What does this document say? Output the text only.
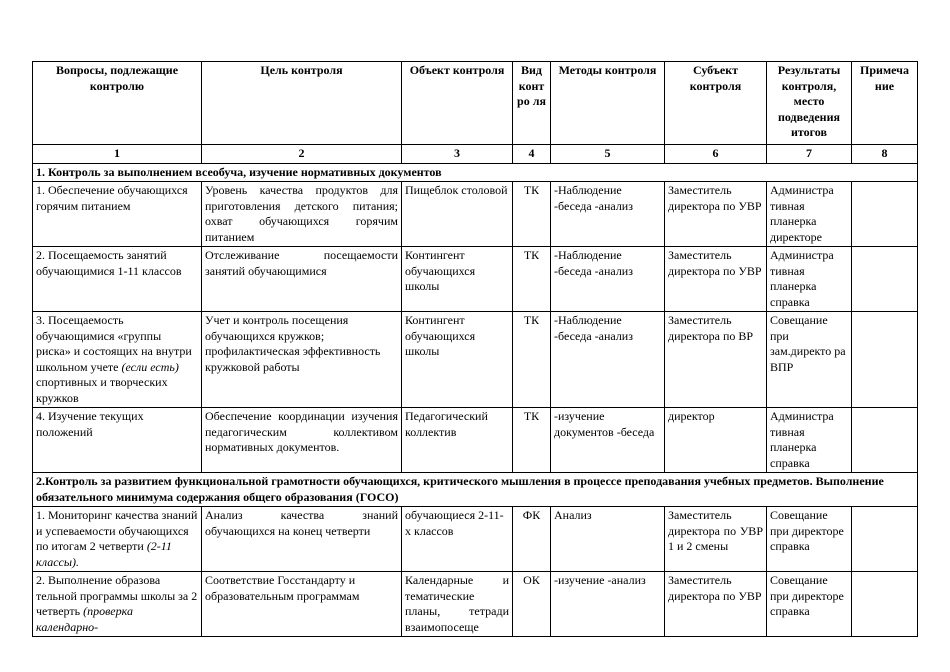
Вопросы, подлежащие контролю	Цель контроля	Объект контроля	Вид конт ро ля	Методы контроля	Субъект контроля	Результаты контроля, место подведения итогов	Примеча ние
1	2	3	4	5	6	7	8
1. Контроль за выполнением всеобуча, изучение нормативных документов							
1. Обеспечение обучающихся горячим питанием	Уровень качества продуктов для приготовления детского питания; охват обучающихся горячим питанием	Пищеблок столовой	ТК	-Наблюдение -беседа -анализ	Заместитель директора по УВР	Администра тивная планерка директоре	
2. Посещаемость занятий обучающимися 1-11 классов	Отслеживание посещаемости занятий обучающимися	Контингент обучающихся школы	ТК	-Наблюдение -беседа -анализ	Заместитель директора по УВР	Администра тивная планерка справка	
3. Посещаемость обучающимися «группы риска» и состоящих на внутри школьном учете (если есть) спортивных и творческих кружков	Учет и контроль посещения обучающихся кружков; профилактическая эффективность кружковой работы	Контингент обучающихся школы	ТК	-Наблюдение -беседа -анализ	Заместитель директора по ВР	Совещание при зам.директо ра ВПР	
4. Изучение текущих положений	Обеспечение координации изучения педагогическим коллективом нормативных документов.	Педагогический коллектив	ТК	-изучение документов -беседа	директор	Администра тивная планерка справка	
2.Контроль за развитием функциональной грамотности обучающихся, критического мышления в процессе преподавания учебных предметов. Выполнение обязательного минимума содержания общего образования (ГОСО)							
1. Мониторинг качества знаний и успеваемости обучающихся по итогам 2 четверти (2-11 классы).	Анализ качества знаний обучающихся на конец четверти	обучающиеся 2-11-х классов	ФК	Анализ	Заместитель директора по УВР 1 и 2 смены	Совещание при директоре справка	
2. Выполнение образова тельной программы школы за 2 четверть (проверка календарно-	Соответствие Госстандарту и образовательным программам	Календарные и тематические планы, тетради взаимопосеще	ОК	-изучение -анализ	Заместитель директора по УВР	Совещание при директоре справка	
